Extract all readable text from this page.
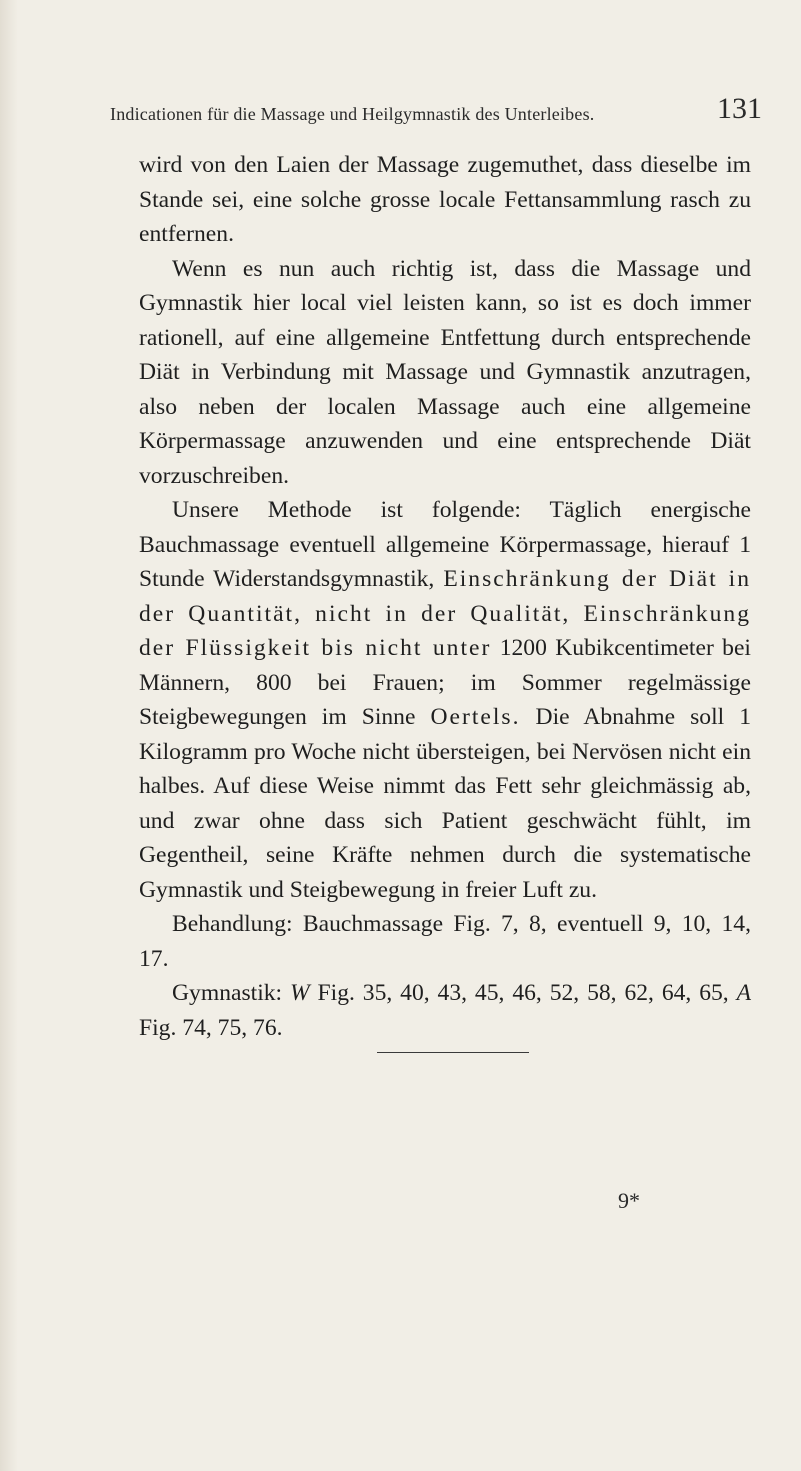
Indicationen für die Massage und Heilgymnastik des Unterleibes.	131

wird von den Laien der Massage zugemuthet, dass dieselbe im Stande sei, eine solche grosse locale Fettansammlung rasch zu entfernen.

Wenn es nun auch richtig ist, dass die Massage und Gymnastik hier local viel leisten kann, so ist es doch immer rationell, auf eine allgemeine Entfettung durch entsprechende Diät in Verbindung mit Massage und Gymnastik anzutragen, also neben der localen Massage auch eine allgemeine Körpermassage anzuwenden und eine entsprechende Diät vorzuschreiben.

Unsere Methode ist folgende: Täglich energische Bauchmassage eventuell allgemeine Körpermassage, hierauf 1 Stunde Widerstandsgymnastik, Einschränkung der Diät in der Quantität, nicht in der Qualität, Einschränkung der Flüssigkeit bis nicht unter 1200 Kubikcentimeter bei Männern, 800 bei Frauen; im Sommer regelmässige Steigbewegungen im Sinne Oertels. Die Abnahme soll 1 Kilogramm pro Woche nicht übersteigen, bei Nervösen nicht ein halbes. Auf diese Weise nimmt das Fett sehr gleichmässig ab, und zwar ohne dass sich Patient geschwächt fühlt, im Gegentheil, seine Kräfte nehmen durch die systematische Gymnastik und Steigbewegung in freier Luft zu.

Behandlung: Bauchmassage Fig. 7, 8, eventuell 9, 10, 14, 17.

Gymnastik: W Fig. 35, 40, 43, 45, 46, 52, 58, 62, 64, 65, A Fig. 74, 75, 76.

9*
